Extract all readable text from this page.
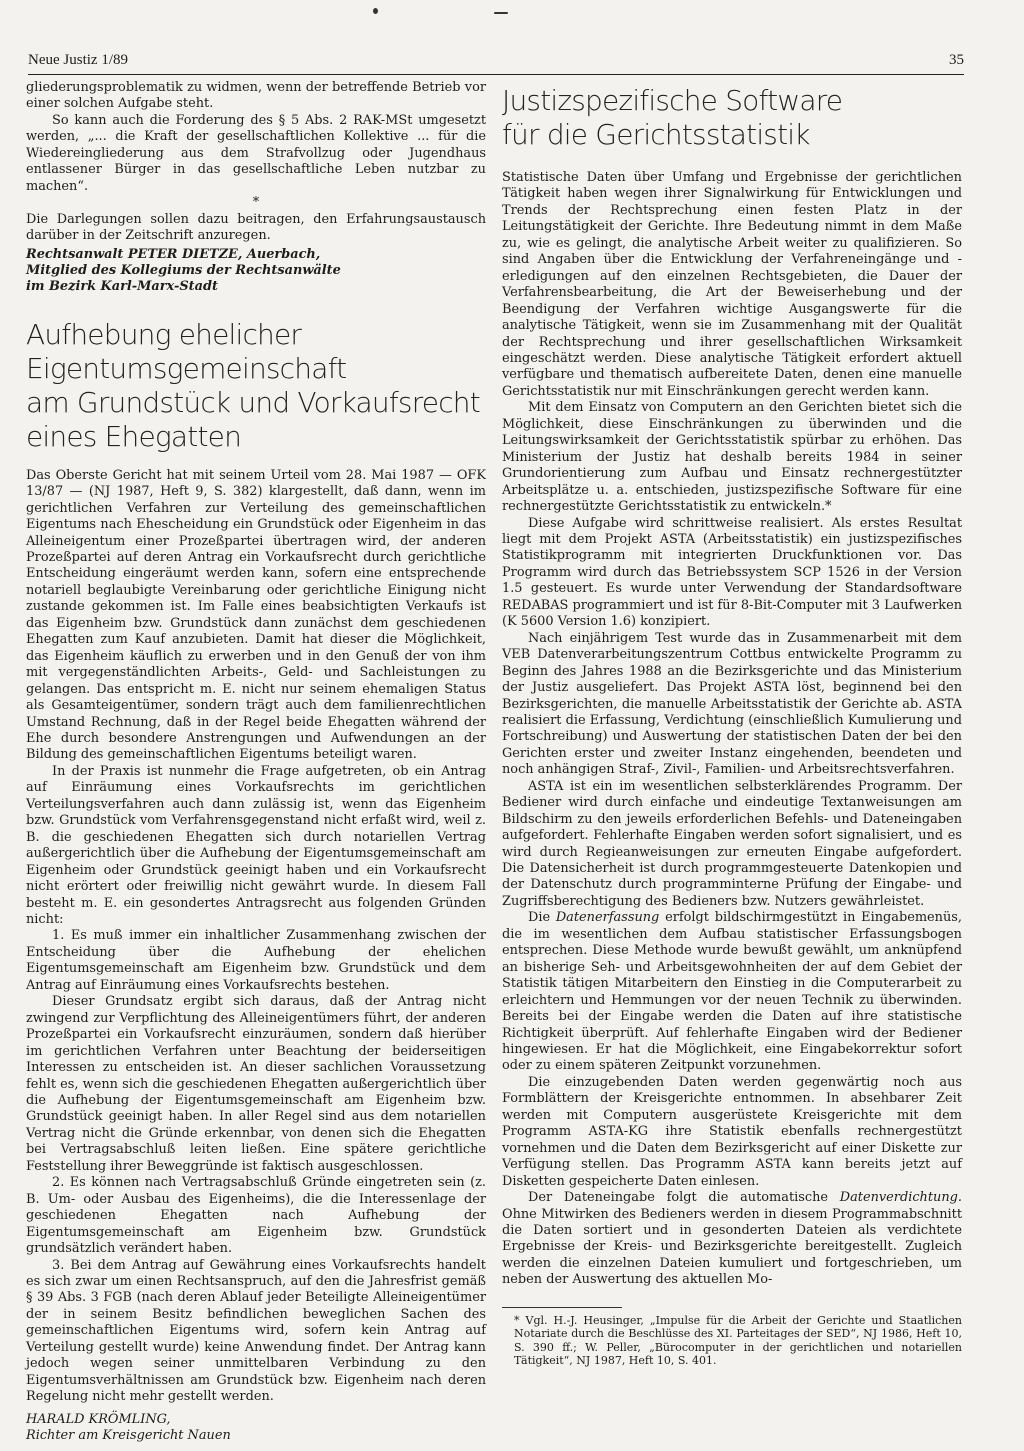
Neue Justiz 1/89	35

gliederungsproblematik zu widmen, wenn der betreffende Betrieb vor einer solchen Aufgabe steht.

So kann auch die Forderung des § 5 Abs. 2 RAK-MSt umgesetzt werden, „... die Kraft der gesellschaftlichen Kollektive ... für die Wiedereingliederung aus dem Strafvollzug oder Jugendhaus entlassener Bürger in das gesellschaftliche Leben nutzbar zu machen“.

*

Die Darlegungen sollen dazu beitragen, den Erfahrungsaustausch darüber in der Zeitschrift anzuregen.

Rechtsanwalt PETER DIETZE, Auerbach,

Mitglied des Kollegiums der Rechtsanwälte

im Bezirk Karl-Marx-Stadt

Aufhebung ehelicher Eigentumsgemeinschaft
am Grundstück und Vorkaufsrecht
eines Ehegatten

Das Oberste Gericht hat mit seinem Urteil vom 28. Mai 1987 — OFK 13/87 — (NJ 1987, Heft 9, S. 382) klargestellt, daß dann, wenn im gerichtlichen Verfahren zur Verteilung des gemeinschaftlichen Eigentums nach Ehescheidung ein Grundstück oder Eigenheim in das Alleineigentum einer Prozeßpartei übertragen wird, der anderen Prozeßpartei auf deren Antrag ein Vorkaufsrecht durch gerichtliche Entscheidung eingeräumt werden kann, sofern eine entsprechende notariell beglaubigte Vereinbarung oder gerichtliche Einigung nicht zustande gekommen ist. Im Falle eines beabsichtigten Verkaufs ist das Eigenheim bzw. Grundstück dann zunächst dem geschiedenen Ehegatten zum Kauf anzubieten. Damit hat dieser die Möglichkeit, das Eigenheim käuflich zu erwerben und in den Genuß der von ihm mit vergegenständlichten Arbeits-, Geld- und Sachleistungen zu gelangen. Das entspricht m. E. nicht nur seinem ehemaligen Status als Gesamteigentümer, sondern trägt auch dem familienrechtlichen Umstand Rechnung, daß in der Regel beide Ehegatten während der Ehe durch besondere Anstrengungen und Aufwendungen an der Bildung des gemeinschaftlichen Eigentums beteiligt waren.

In der Praxis ist nunmehr die Frage aufgetreten, ob ein Antrag auf Einräumung eines Vorkaufsrechts im gerichtlichen Verteilungsverfahren auch dann zulässig ist, wenn das Eigenheim bzw. Grundstück vom Verfahrensgegenstand nicht erfaßt wird, weil z. B. die geschiedenen Ehegatten sich durch notariellen Vertrag außergerichtlich über die Aufhebung der Eigentumsgemeinschaft am Eigenheim oder Grundstück geeinigt haben und ein Vorkaufsrecht nicht erörtert oder freiwillig nicht gewährt wurde. In diesem Fall besteht m. E. ein gesondertes Antragsrecht aus folgenden Gründen nicht:

1. Es muß immer ein inhaltlicher Zusammenhang zwischen der Entscheidung über die Aufhebung der ehelichen Eigentumsgemeinschaft am Eigenheim bzw. Grundstück und dem Antrag auf Einräumung eines Vorkaufsrechts bestehen.

Dieser Grundsatz ergibt sich daraus, daß der Antrag nicht zwingend zur Verpflichtung des Alleineigentümers führt, der anderen Prozeßpartei ein Vorkaufsrecht einzuräumen, sondern daß hierüber im gerichtlichen Verfahren unter Beachtung der beiderseitigen Interessen zu entscheiden ist. An dieser sachlichen Voraussetzung fehlt es, wenn sich die geschiedenen Ehegatten außergerichtlich über die Aufhebung der Eigentumsgemeinschaft am Eigenheim bzw. Grundstück geeinigt haben. In aller Regel sind aus dem notariellen Vertrag nicht die Gründe erkennbar, von denen sich die Ehegatten bei Vertragsabschluß leiten ließen. Eine spätere gerichtliche Feststellung ihrer Beweggründe ist faktisch ausgeschlossen.

2. Es können nach Vertragsabschluß Gründe eingetreten sein (z. B. Um- oder Ausbau des Eigenheims), die die Interessenlage der geschiedenen Ehegatten nach Aufhebung der Eigentumsgemeinschaft am Eigenheim bzw. Grundstück grundsätzlich verändert haben.

3. Bei dem Antrag auf Gewährung eines Vorkaufsrechts handelt es sich zwar um einen Rechtsanspruch, auf den die Jahresfrist gemäß § 39 Abs. 3 FGB (nach deren Ablauf jeder Beteiligte Alleineigentümer der in seinem Besitz befindlichen beweglichen Sachen des gemeinschaftlichen Eigentums wird, sofern kein Antrag auf Verteilung gestellt wurde) keine Anwendung findet. Der Antrag kann jedoch wegen seiner unmittelbaren Verbindung zu den Eigentumsverhältnissen am Grundstück bzw. Eigenheim nach deren Regelung nicht mehr gestellt werden.

HARALD KRÖMLING,

Richter am Kreisgericht Nauen

Justizspezifische Software
für die Gerichtsstatistik

Statistische Daten über Umfang und Ergebnisse der gerichtlichen Tätigkeit haben wegen ihrer Signalwirkung für Entwicklungen und Trends der Rechtsprechung einen festen Platz in der Leitungstätigkeit der Gerichte. Ihre Bedeutung nimmt in dem Maße zu, wie es gelingt, die analytische Arbeit weiter zu qualifizieren. So sind Angaben über die Entwicklung der Verfahreneingänge und -erledigungen auf den einzelnen Rechtsgebieten, die Dauer der Verfahrensbearbeitung, die Art der Beweiserhebung und der Beendigung der Verfahren wichtige Ausgangswerte für die analytische Tätigkeit, wenn sie im Zusammenhang mit der Qualität der Rechtsprechung und ihrer gesellschaftlichen Wirksamkeit eingeschätzt werden. Diese analytische Tätigkeit erfordert aktuell verfügbare und thematisch aufbereitete Daten, denen eine manuelle Gerichtsstatistik nur mit Einschränkungen gerecht werden kann.

Mit dem Einsatz von Computern an den Gerichten bietet sich die Möglichkeit, diese Einschränkungen zu überwinden und die Leitungswirksamkeit der Gerichtsstatistik spürbar zu erhöhen. Das Ministerium der Justiz hat deshalb bereits 1984 in seiner Grundorientierung zum Aufbau und Einsatz rechnergestützter Arbeitsplätze u. a. entschieden, justizspezifische Software für eine rechnergestützte Gerichtsstatistik zu entwickeln.*

Diese Aufgabe wird schrittweise realisiert. Als erstes Resultat liegt mit dem Projekt ASTA (Arbeitsstatistik) ein justizspezifisches Statistikprogramm mit integrierten Druckfunktionen vor. Das Programm wird durch das Betriebssystem SCP 1526 in der Version 1.5 gesteuert. Es wurde unter Verwendung der Standardsoftware REDABAS programmiert und ist für 8-Bit-Computer mit 3 Laufwerken (K 5600 Version 1.6) konzipiert.

Nach einjährigem Test wurde das in Zusammenarbeit mit dem VEB Datenverarbeitungszentrum Cottbus entwickelte Programm zu Beginn des Jahres 1988 an die Bezirksgerichte und das Ministerium der Justiz ausgeliefert. Das Projekt ASTA löst, beginnend bei den Bezirksgerichten, die manuelle Arbeitsstatistik der Gerichte ab. ASTA realisiert die Erfassung, Verdichtung (einschließlich Kumulierung und Fortschreibung) und Auswertung der statistischen Daten der bei den Gerichten erster und zweiter Instanz eingehenden, beendeten und noch anhängigen Straf-, Zivil-, Familien- und Arbeitsrechtsverfahren.

ASTA ist ein im wesentlichen selbsterklärendes Programm. Der Bediener wird durch einfache und eindeutige Textanweisungen am Bildschirm zu den jeweils erforderlichen Befehls- und Dateneingaben aufgefordert. Fehlerhafte Eingaben werden sofort signalisiert, und es wird durch Regieanweisungen zur erneuten Eingabe aufgefordert. Die Datensicherheit ist durch programmgesteuerte Datenkopien und der Datenschutz durch programminterne Prüfung der Eingabe- und Zugriffsberechtigung des Bedieners bzw. Nutzers gewährleistet.

Die Datenerfassung erfolgt bildschirmgestützt in Eingabemenüs, die im wesentlichen dem Aufbau statistischer Erfassungsbogen entsprechen. Diese Methode wurde bewußt gewählt, um anknüpfend an bisherige Seh- und Arbeitsgewohnheiten der auf dem Gebiet der Statistik tätigen Mitarbeitern den Einstieg in die Computerarbeit zu erleichtern und Hemmungen vor der neuen Technik zu überwinden. Bereits bei der Eingabe werden die Daten auf ihre statistische Richtigkeit überprüft. Auf fehlerhafte Eingaben wird der Bediener hingewiesen. Er hat die Möglichkeit, eine Eingabekorrektur sofort oder zu einem späteren Zeitpunkt vorzunehmen.

Die einzugebenden Daten werden gegenwärtig noch aus Formblättern der Kreisgerichte entnommen. In absehbarer Zeit werden mit Computern ausgerüstete Kreisgerichte mit dem Programm ASTA-KG ihre Statistik ebenfalls rechnergestützt vornehmen und die Daten dem Bezirksgericht auf einer Diskette zur Verfügung stellen. Das Programm ASTA kann bereits jetzt auf Disketten gespeicherte Daten einlesen.

Der Dateneingabe folgt die automatische Datenverdichtung. Ohne Mitwirken des Bedieners werden in diesem Programmabschnitt die Daten sortiert und in gesonderten Dateien als verdichtete Ergebnisse der Kreis- und Bezirksgerichte bereitgestellt. Zugleich werden die einzelnen Dateien kumuliert und fortgeschrieben, um neben der Auswertung des aktuellen Mo-

* Vgl. H.-J. Heusinger, „Impulse für die Arbeit der Gerichte und Staatlichen Notariate durch die Beschlüsse des XI. Parteitages der SED“, NJ 1986, Heft 10, S. 390 ff.; W. Peller, „Bürocomputer in der gerichtlichen und notariellen Tätigkeit“, NJ 1987, Heft 10, S. 401.
